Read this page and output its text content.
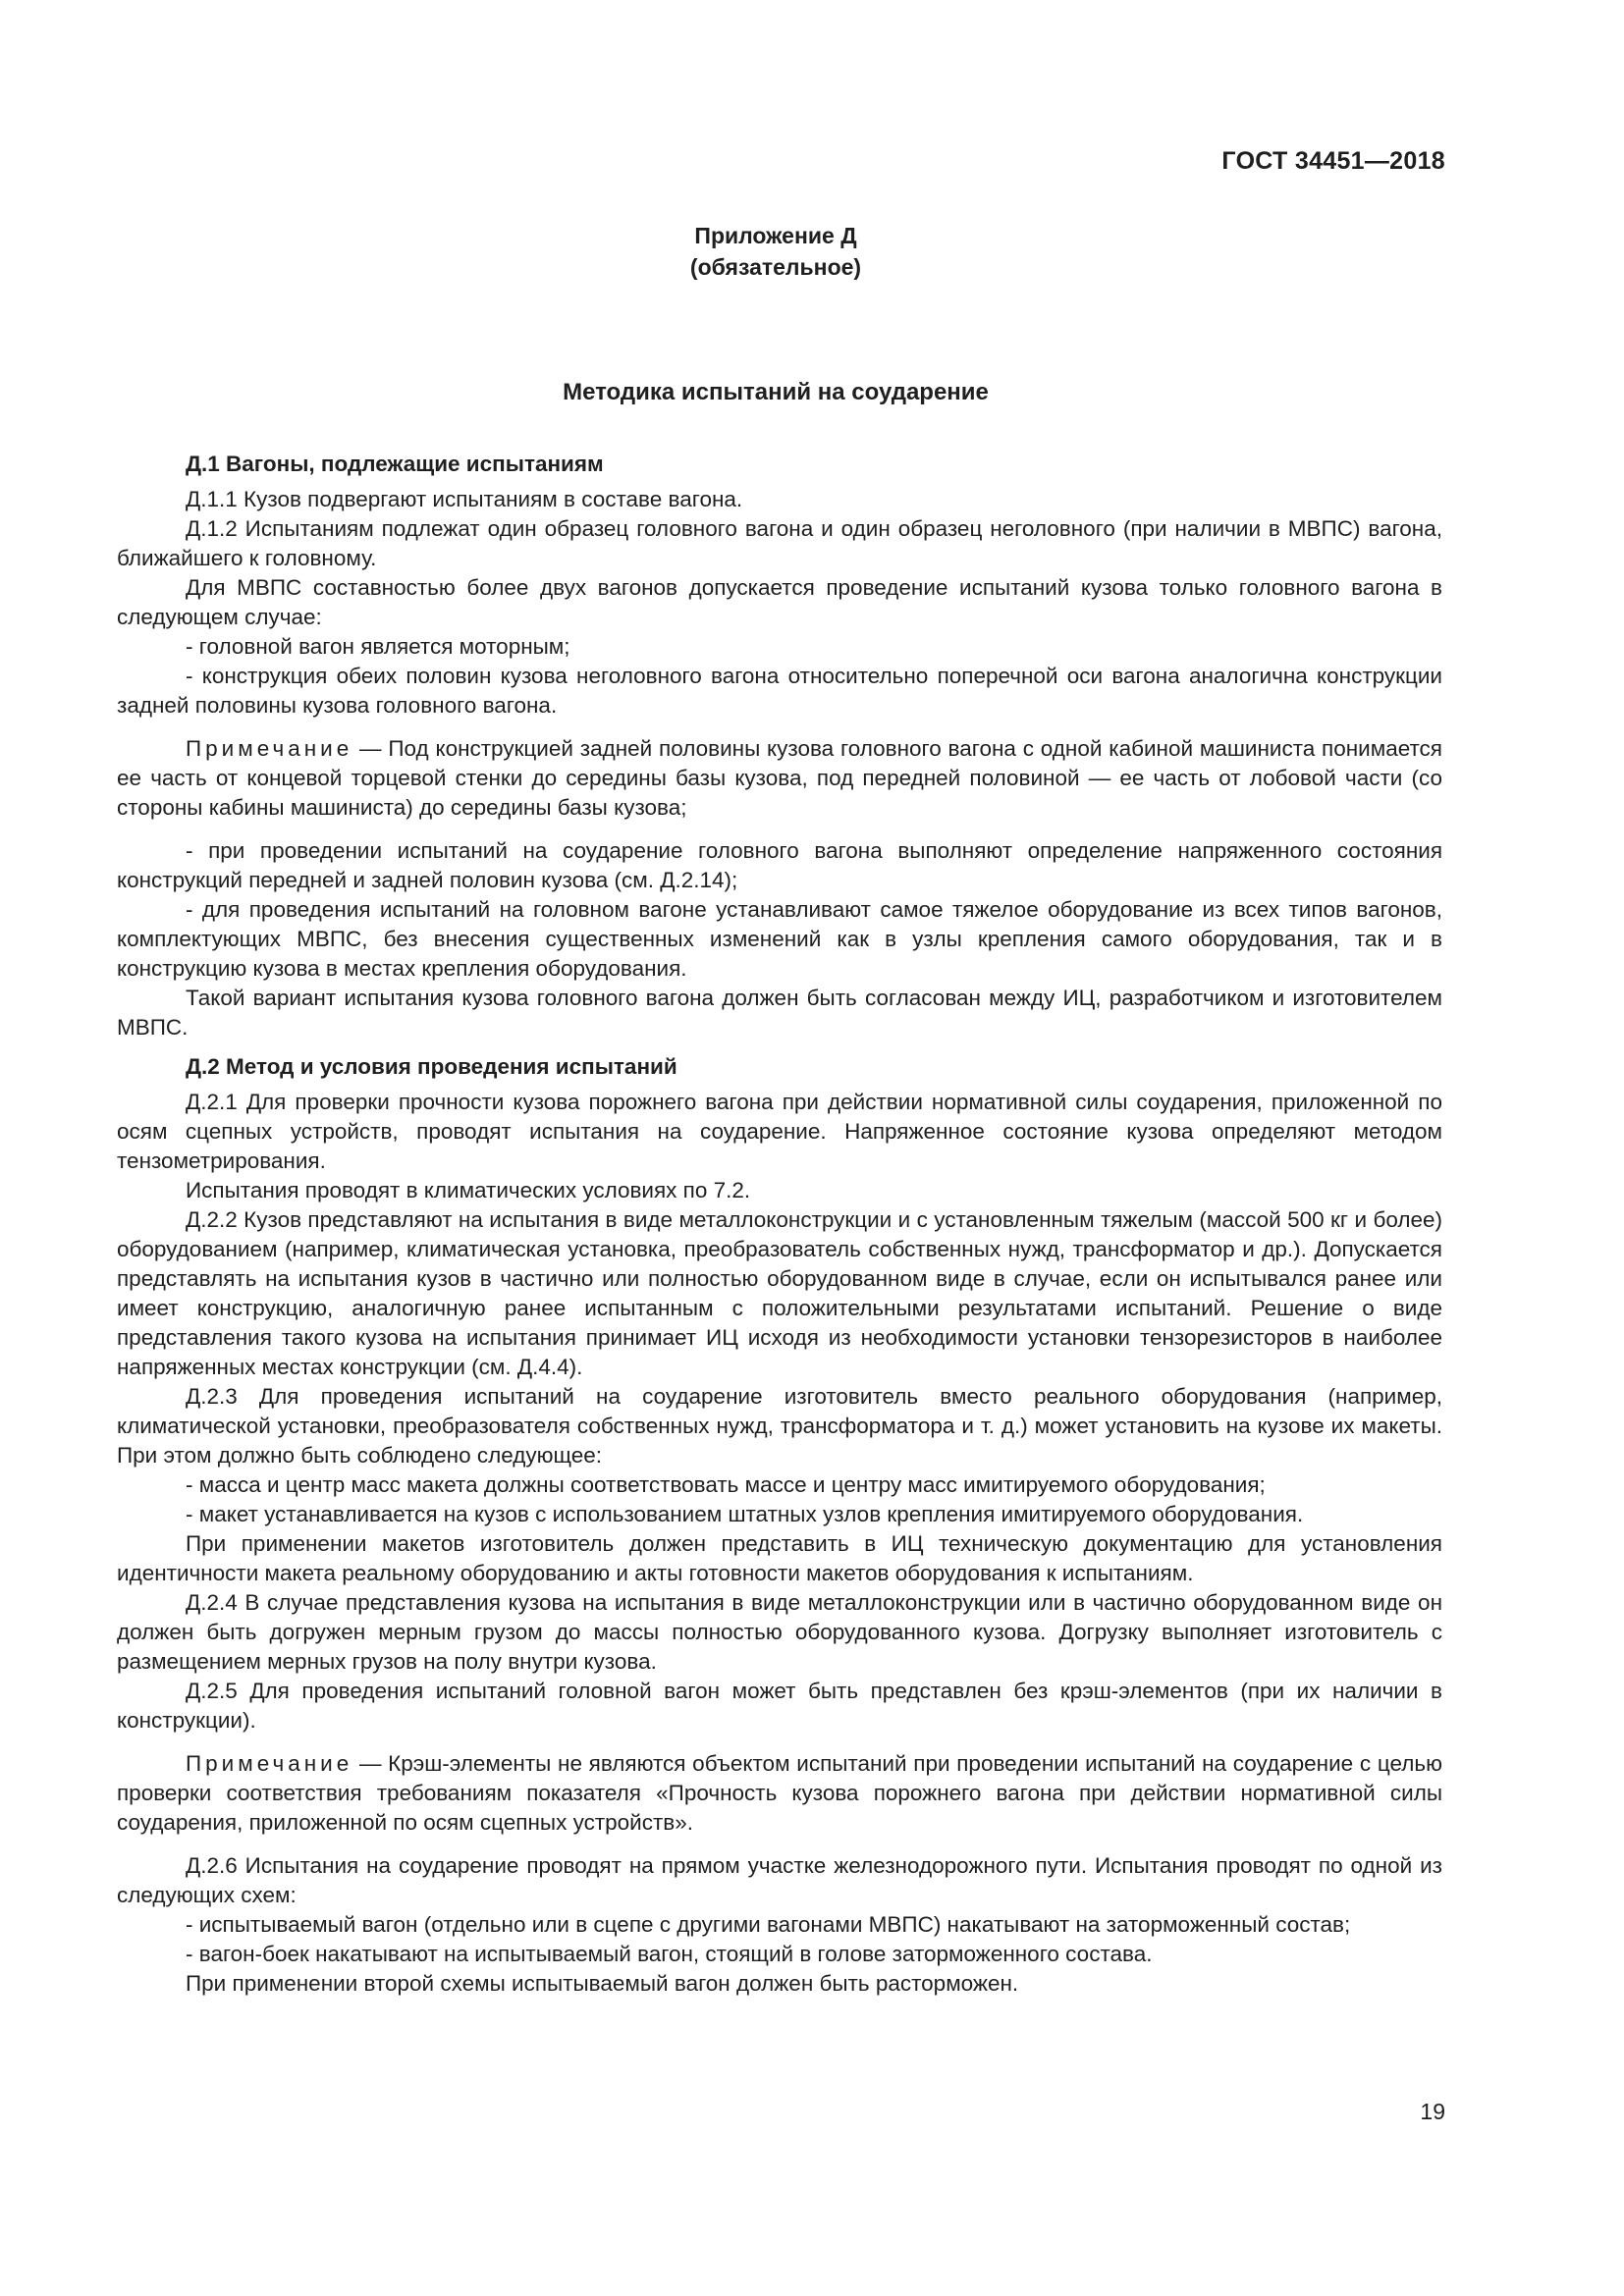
ГОСТ 34451—2018
Приложение Д
(обязательное)
Методика испытаний на соударение

Д.1 Вагоны, подлежащие испытаниям

Д.1.1 Кузов подвергают испытаниям в составе вагона.

Д.1.2 Испытаниям подлежат один образец головного вагона и один образец неголовного (при наличии в МВПС) вагона, ближайшего к головному.

Для МВПС составностью более двух вагонов допускается проведение испытаний кузова только головного вагона в следующем случае:

- головной вагон является моторным;

- конструкция обеих половин кузова неголовного вагона относительно поперечной оси вагона аналогична конструкции задней половины кузова головного вагона.

Примечание — Под конструкцией задней половины кузова головного вагона с одной кабиной машиниста понимается ее часть от концевой торцевой стенки до середины базы кузова, под передней половиной — ее часть от лобовой части (со стороны кабины машиниста) до середины базы кузова;

- при проведении испытаний на соударение головного вагона выполняют определение напряженного состояния конструкций передней и задней половин кузова (см. Д.2.14);

- для проведения испытаний на головном вагоне устанавливают самое тяжелое оборудование из всех типов вагонов, комплектующих МВПС, без внесения существенных изменений как в узлы крепления самого оборудования, так и в конструкцию кузова в местах крепления оборудования.

Такой вариант испытания кузова головного вагона должен быть согласован между ИЦ, разработчиком и изготовителем МВПС.

Д.2 Метод и условия проведения испытаний

Д.2.1 Для проверки прочности кузова порожнего вагона при действии нормативной силы соударения, приложенной по осям сцепных устройств, проводят испытания на соударение. Напряженное состояние кузова определяют методом тензометрирования.

Испытания проводят в климатических условиях по 7.2.

Д.2.2 Кузов представляют на испытания в виде металлоконструкции и с установленным тяжелым (массой 500 кг и более) оборудованием (например, климатическая установка, преобразователь собственных нужд, трансформатор и др.). Допускается представлять на испытания кузов в частично или полностью оборудованном виде в случае, если он испытывался ранее или имеет конструкцию, аналогичную ранее испытанным с положительными результатами испытаний. Решение о виде представления такого кузова на испытания принимает ИЦ исходя из необходимости установки тензорезисторов в наиболее напряженных местах конструкции (см. Д.4.4).

Д.2.3 Для проведения испытаний на соударение изготовитель вместо реального оборудования (например, климатической установки, преобразователя собственных нужд, трансформатора и т. д.) может установить на кузове их макеты. При этом должно быть соблюдено следующее:

- масса и центр масс макета должны соответствовать массе и центру масс имитируемого оборудования;

- макет устанавливается на кузов с использованием штатных узлов крепления имитируемого оборудования.

При применении макетов изготовитель должен представить в ИЦ техническую документацию для установления идентичности макета реальному оборудованию и акты готовности макетов оборудования к испытаниям.

Д.2.4 В случае представления кузова на испытания в виде металлоконструкции или в частично оборудованном виде он должен быть догружен мерным грузом до массы полностью оборудованного кузова. Догрузку выполняет изготовитель с размещением мерных грузов на полу внутри кузова.

Д.2.5 Для проведения испытаний головной вагон может быть представлен без крэш-элементов (при их наличии в конструкции).

Примечание — Крэш-элементы не являются объектом испытаний при проведении испытаний на соударение с целью проверки соответствия требованиям показателя «Прочность кузова порожнего вагона при действии нормативной силы соударения, приложенной по осям сцепных устройств».

Д.2.6 Испытания на соударение проводят на прямом участке железнодорожного пути. Испытания проводят по одной из следующих схем:

- испытываемый вагон (отдельно или в сцепе с другими вагонами МВПС) накатывают на заторможенный состав;

- вагон-боек накатывают на испытываемый вагон, стоящий в голове заторможенного состава.

При применении второй схемы испытываемый вагон должен быть расторможен.

19
